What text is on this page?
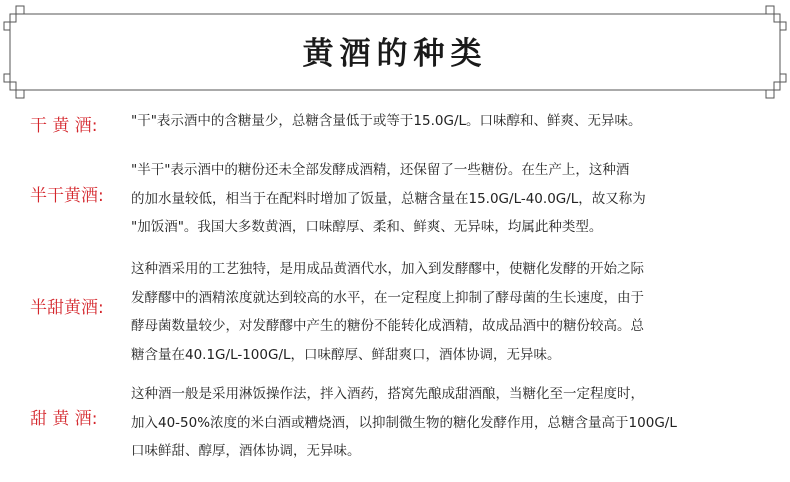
黄酒的种类
干 黄 酒:	"干"表示酒中的含糖量少，总糖含量低于或等于15.0G/L。口味醇和、鲜爽、无异味。
半干黄酒:
"半干"表示酒中的糖份还未全部发酵成酒精，还保留了一些糖份。在生产上，这种酒
的加水量较低，相当于在配料时增加了饭量，总糖含量在15.0G/L-40.0G/L，故又称为
"加饭酒"。我国大多数黄酒，口味醇厚、柔和、鲜爽、无异味，均属此种类型。
半甜黄酒:
这种酒采用的工艺独特，是用成品黄酒代水，加入到发酵醪中，使糖化发酵的开始之际
发酵醪中的酒精浓度就达到较高的水平，在一定程度上抑制了酵母菌的生长速度，由于
酵母菌数量较少，对发酵醪中产生的糖份不能转化成酒精，故成品酒中的糖份较高。总
糖含量在40.1G/L-100G/L，口味醇厚、鲜甜爽口，酒体协调，无异味。
甜 黄 酒:
这种酒一般是采用淋饭操作法，拌入酒药，搭窝先酿成甜酒酿，当糖化至一定程度时，
加入40-50%浓度的米白酒或糟烧酒，以抑制微生物的糖化发酵作用，总糖含量高于100G/L
口味鲜甜、醇厚，酒体协调，无异味。
